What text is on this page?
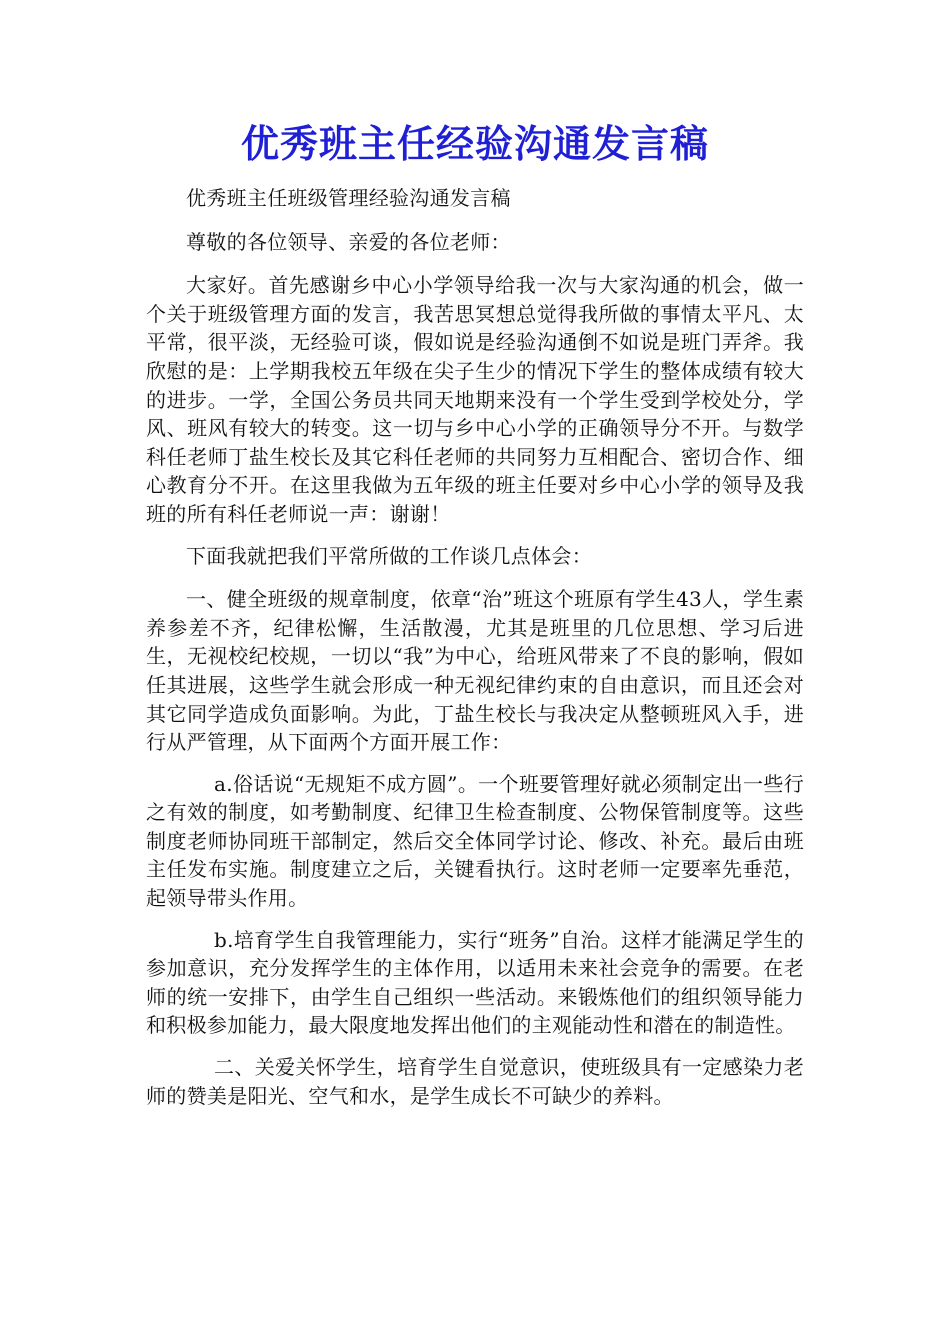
优秀班主任经验沟通发言稿

优秀班主任班级管理经验沟通发言稿

尊敬的各位领导、亲爱的各位老师：

大家好。首先感谢乡中心小学领导给我一次与大家沟通的机会，做一个关于班级管理方面的发言，我苦思冥想总觉得我所做的事情太平凡、太平常，很平淡，无经验可谈，假如说是经验沟通倒不如说是班门弄斧。我欣慰的是：上学期我校五年级在尖子生少的情况下学生的整体成绩有较大的进步。一学，全国公务员共同天地期来没有一个学生受到学校处分，学风、班风有较大的转变。这一切与乡中心小学的正确领导分不开。与数学科任老师丁盐生校长及其它科任老师的共同努力互相配合、密切合作、细心教育分不开。在这里我做为五年级的班主任要对乡中心小学的领导及我班的所有科任老师说一声：谢谢！

下面我就把我们平常所做的工作谈几点体会：

一、健全班级的规章制度，依章“治”班这个班原有学生43人，学生素养参差不齐，纪律松懈，生活散漫，尤其是班里的几位思想、学习后进生，无视校纪校规，一切以“我”为中心，给班风带来了不良的影响，假如任其进展，这些学生就会形成一种无视纪律约束的自由意识，而且还会对其它同学造成负面影响。为此，丁盐生校长与我决定从整顿班风入手，进行从严管理，从下面两个方面开展工作：

a.俗话说“无规矩不成方圆”。一个班要管理好就必须制定出一些行之有效的制度，如考勤制度、纪律卫生检查制度、公物保管制度等。这些制度老师协同班干部制定，然后交全体同学讨论、修改、补充。最后由班主任发布实施。制度建立之后，关键看执行。这时老师一定要率先垂范，起领导带头作用。

b.培育学生自我管理能力，实行“班务”自治。这样才能满足学生的参加意识，充分发挥学生的主体作用，以适用未来社会竞争的需要。在老师的统一安排下，由学生自己组织一些活动。来锻炼他们的组织领导能力和积极参加能力，最大限度地发挥出他们的主观能动性和潜在的制造性。

二、关爱关怀学生，培育学生自觉意识，使班级具有一定感染力老师的赞美是阳光、空气和水，是学生成长不可缺少的养料。
